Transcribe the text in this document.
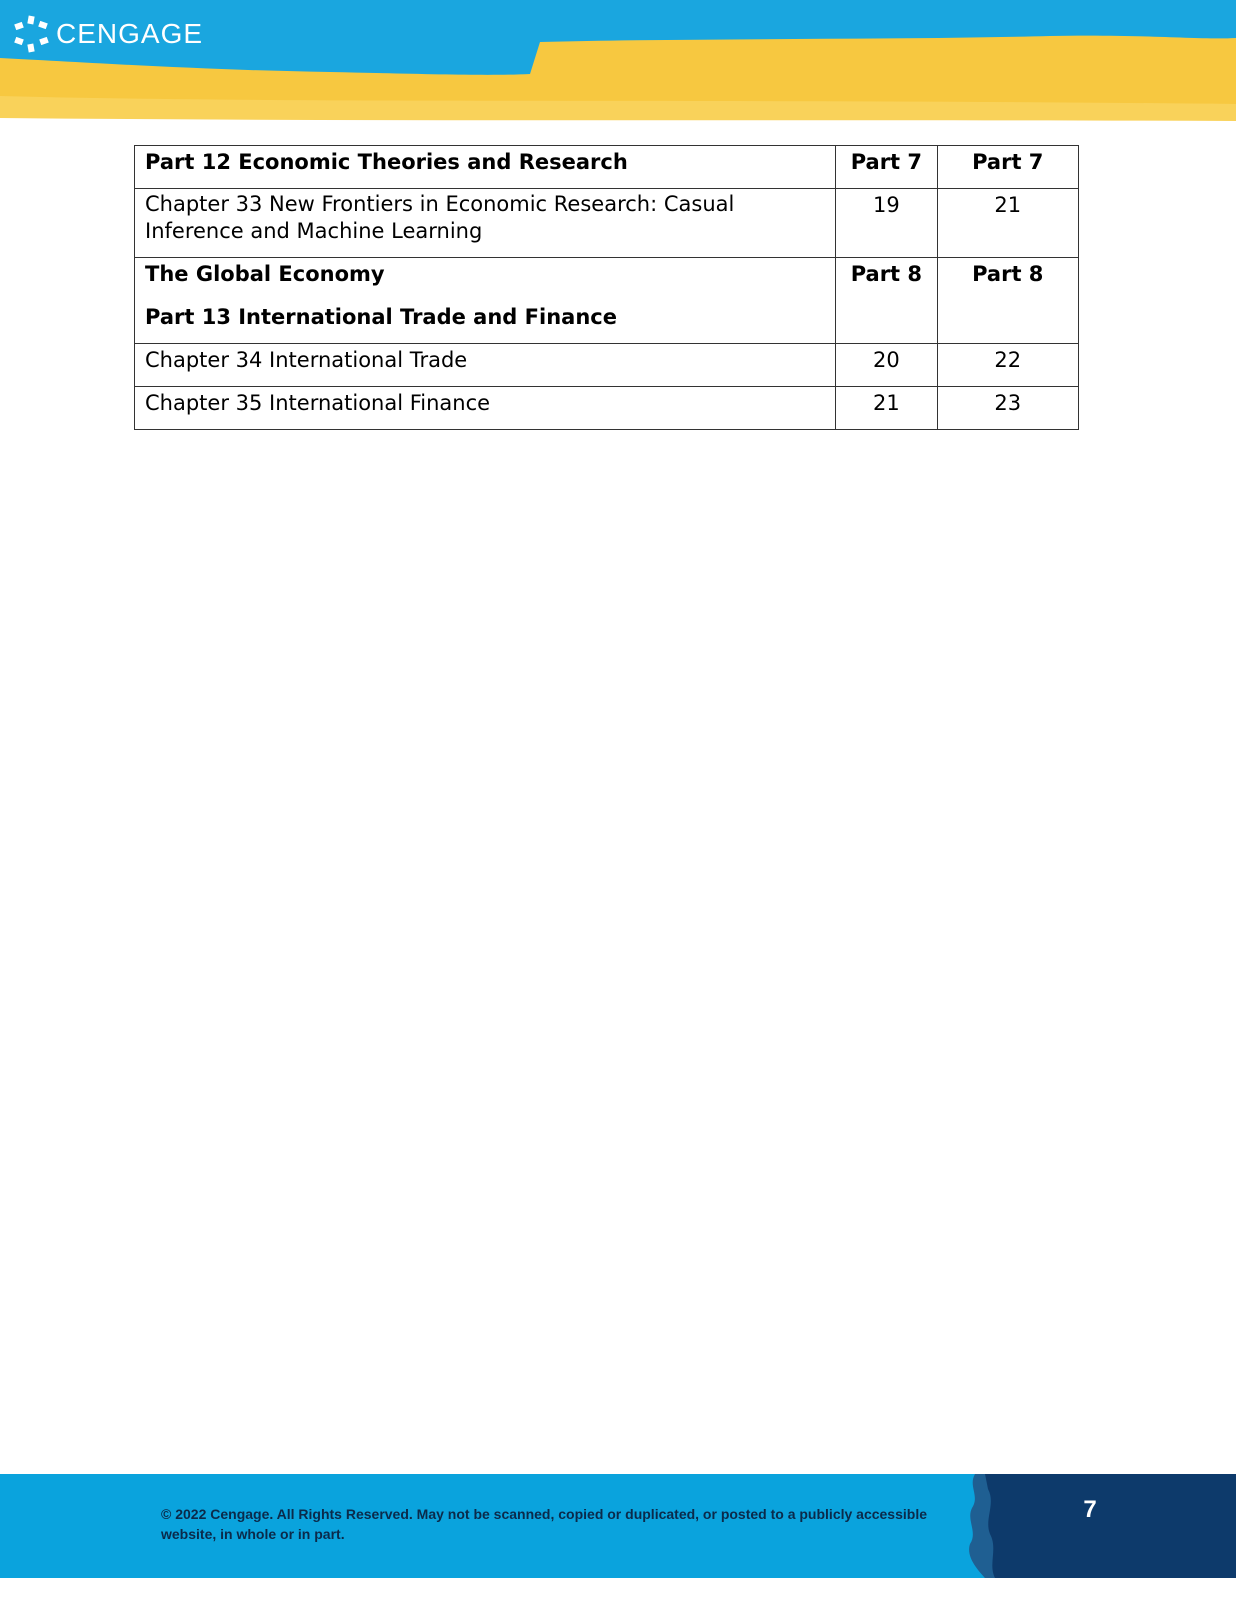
CENGAGE
Part 12 Economic Theories and Research	Part 7	Part 7
Chapter 33 New Frontiers in Economic Research: Casual Inference and Machine Learning	19	21
The Global Economy
Part 13 International Trade and Finance	Part 8	Part 8
Chapter 34 International Trade	20	22
Chapter 35 International Finance	21	23
© 2022 Cengage. All Rights Reserved. May not be scanned, copied or duplicated, or posted to a publicly accessible website, in whole or in part.
7
